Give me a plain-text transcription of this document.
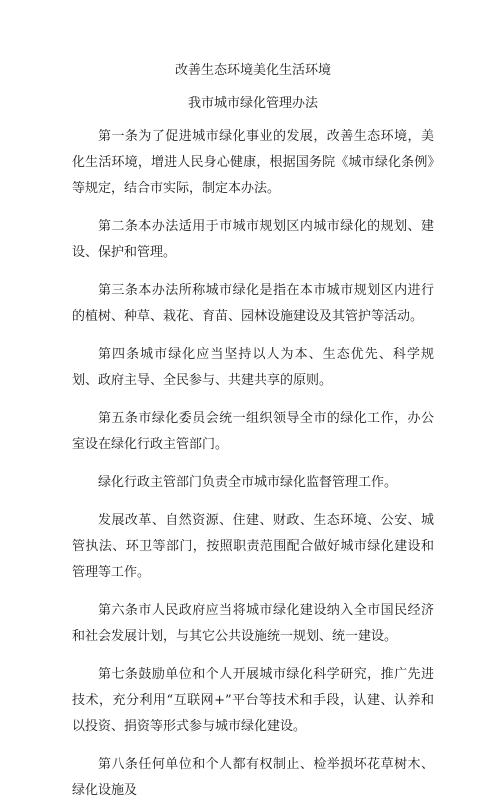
改善生态环境美化生活环境

我市城市绿化管理办法

第一条为了促进城市绿化事业的发展，改善生态环境，美化生活环境，增进人民身心健康，根据国务院《城市绿化条例》等规定，结合市实际，制定本办法。

第二条本办法适用于市城市规划区内城市绿化的规划、建设、保护和管理。

第三条本办法所称城市绿化是指在本市城市规划区内进行的植树、种草、栽花、育苗、园林设施建设及其管护等活动。

第四条城市绿化应当坚持以人为本、生态优先、科学规划、政府主导、全民参与、共建共享的原则。

第五条市绿化委员会统一组织领导全市的绿化工作，办公室设在绿化行政主管部门。

绿化行政主管部门负责全市城市绿化监督管理工作。

发展改革、自然资源、住建、财政、生态环境、公安、城管执法、环卫等部门，按照职责范围配合做好城市绿化建设和管理等工作。

第六条市人民政府应当将城市绿化建设纳入全市国民经济和社会发展计划，与其它公共设施统一规划、统一建设。

第七条鼓励单位和个人开展城市绿化科学研究，推广先进技术，充分利用“互联网+”平台等技术和手段，认建、认养和以投资、捐资等形式参与城市绿化建设。

第八条任何单位和个人都有权制止、检举损坏花草树木、绿化设施及
